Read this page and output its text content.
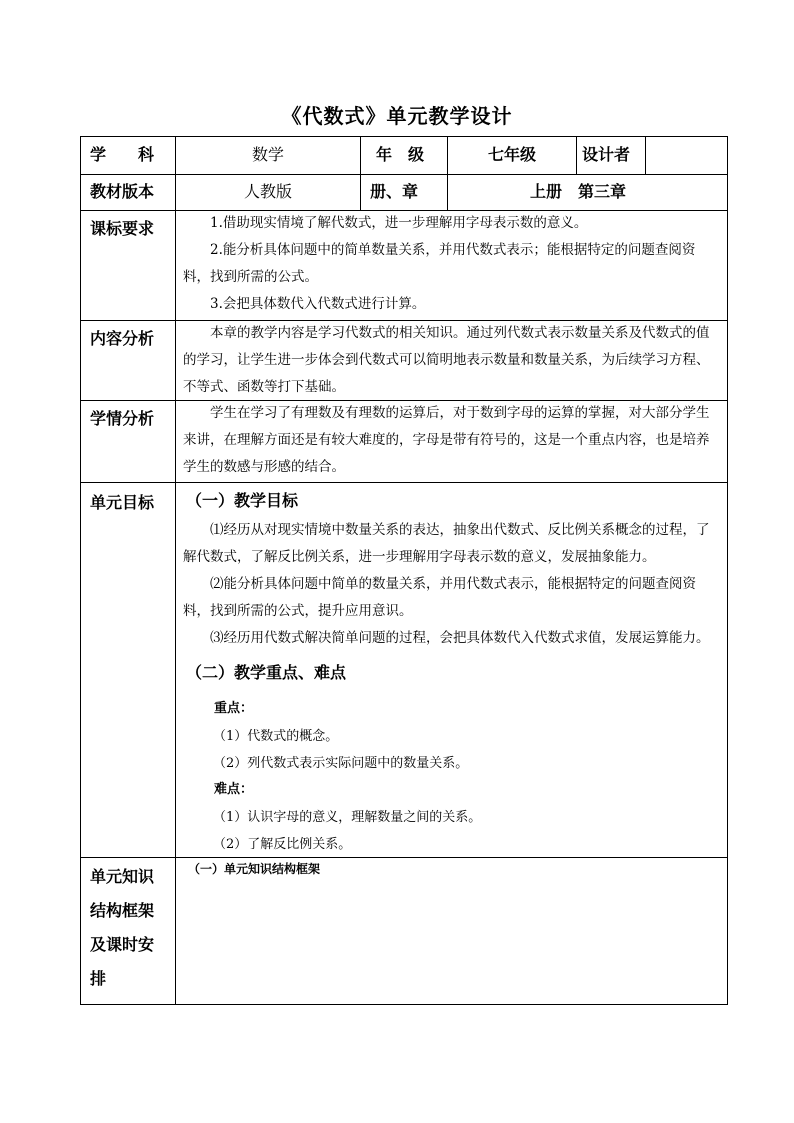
《代数式》单元教学设计
学　　科	数学	年　级	七年级	设计者
教材版本	人教版	册、章	上册　第三章
课标要求	1.借助现实情境了解代数式，进一步理解用字母表示数的意义。
2.能分析具体问题中的简单数量关系，并用代数式表示；能根据特定的问题查阅资料，找到所需的公式。
3.会把具体数代入代数式进行计算。
内容分析	本章的教学内容是学习代数式的相关知识。通过列代数式表示数量关系及代数式的值的学习，让学生进一步体会到代数式可以简明地表示数量和数量关系，为后续学习方程、不等式、函数等打下基础。
学情分析	学生在学习了有理数及有理数的运算后，对于数到字母的运算的掌握，对大部分学生来讲，在理解方面还是有较大难度的，字母是带有符号的，这是一个重点内容，也是培养学生的数感与形感的结合。
单元目标 （一）教学目标
⑴经历从对现实情境中数量关系的表达，抽象出代数式、反比例关系概念的过程，了解代数式，了解反比例关系，进一步理解用字母表示数的意义，发展抽象能力。
⑵能分析具体问题中简单的数量关系，并用代数式表示，能根据特定的问题查阅资料，找到所需的公式，提升应用意识。
⑶经历用代数式解决简单问题的过程，会把具体数代入代数式求值，发展运算能力。
（二）教学重点、难点
重点：
（1）代数式的概念。
（2）列代数式表示实际问题中的数量关系。
难点：
（1）认识字母的意义，理解数量之间的关系。
（2）了解反比例关系。
单元知识
结构框架
及课时安
排
（一）单元知识结构框架
